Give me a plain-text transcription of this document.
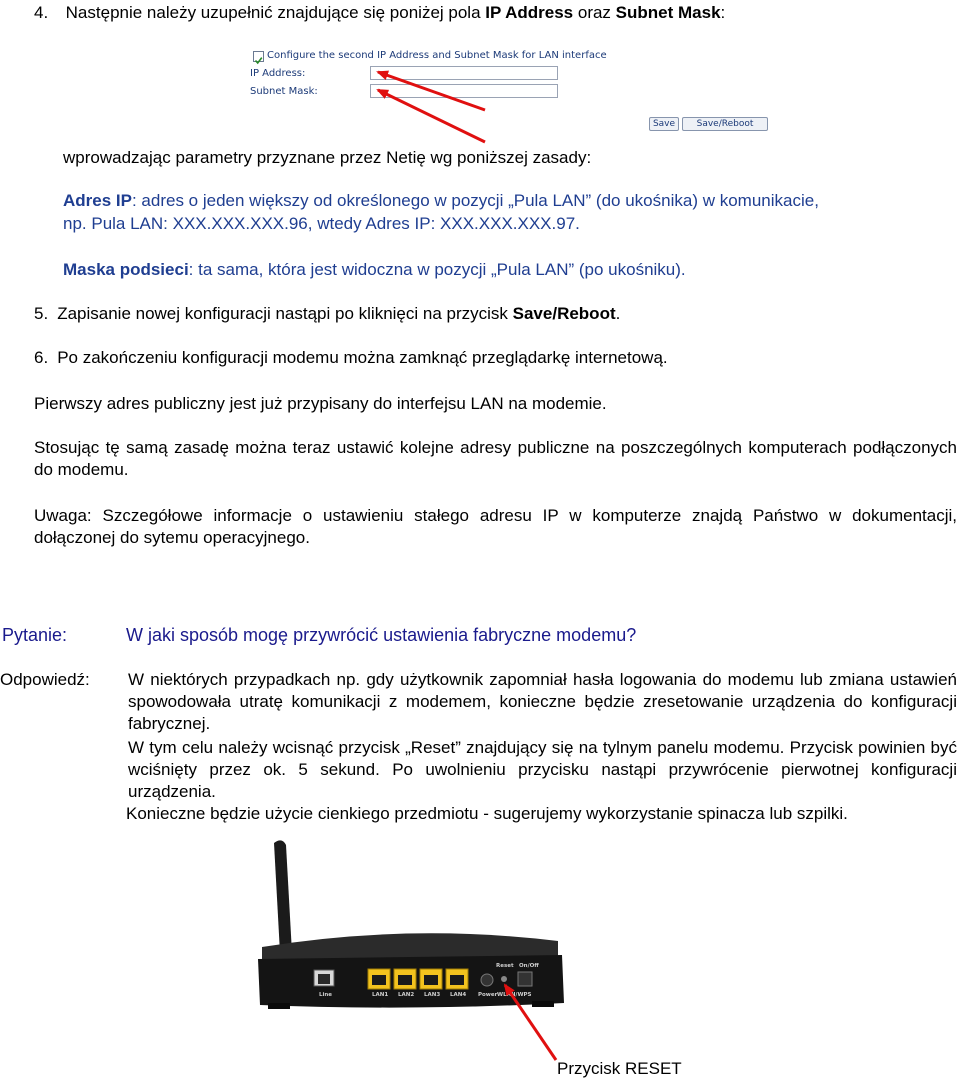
4. Następnie należy uzupełnić znajdujące się poniżej pola IP Address oraz Subnet Mask:
Configure the second IP Address and Subnet Mask for LAN interface
IP Address:
Subnet Mask:
Save	Save/Reboot
wprowadzając parametry przyznane przez Netię wg poniższej zasady:
Adres IP: adres o jeden większy od określonego w pozycji „Pula LAN” (do ukośnika) w komunikacie,
np. Pula LAN: XXX.XXX.XXX.96, wtedy Adres IP: XXX.XXX.XXX.97.
Maska podsieci: ta sama, która jest widoczna w pozycji „Pula LAN” (po ukośniku).
5. Zapisanie nowej konfiguracji nastąpi po kliknięci na przycisk Save/Reboot.
6. Po zakończeniu konfiguracji modemu można zamknąć przeglądarkę internetową.
Pierwszy adres publiczny jest już przypisany do interfejsu LAN na modemie.
Stosując tę samą zasadę można teraz ustawić kolejne adresy publiczne na poszczególnych komputerach podłączonych do modemu.
Uwaga: Szczegółowe informacje o ustawieniu stałego adresu IP w komputerze znajdą Państwo w dokumentacji, dołączonej do sytemu operacyjnego.
Pytanie:	W jaki sposób mogę przywrócić ustawienia fabryczne modemu?
Odpowiedź: W niektórych przypadkach np. gdy użytkownik zapomniał hasła logowania do modemu lub zmiana ustawień spowodowała utratę komunikacji z modemem, konieczne będzie zresetowanie urządzenia do konfiguracji fabrycznej.
W tym celu należy wcisnąć przycisk „Reset” znajdujący się na tylnym panelu modemu. Przycisk powinien być wciśnięty przez ok. 5 sekund. Po uwolnieniu przycisku nastąpi przywrócenie pierwotnej konfiguracji urządzenia.
Konieczne będzie użycie cienkiego przedmiotu - sugerujemy wykorzystanie spinacza lub szpilki.
Line	LAN1 LAN2 LAN3 LAN4 Power WLAN/WPS
Reset On/Off
Przycisk RESET
